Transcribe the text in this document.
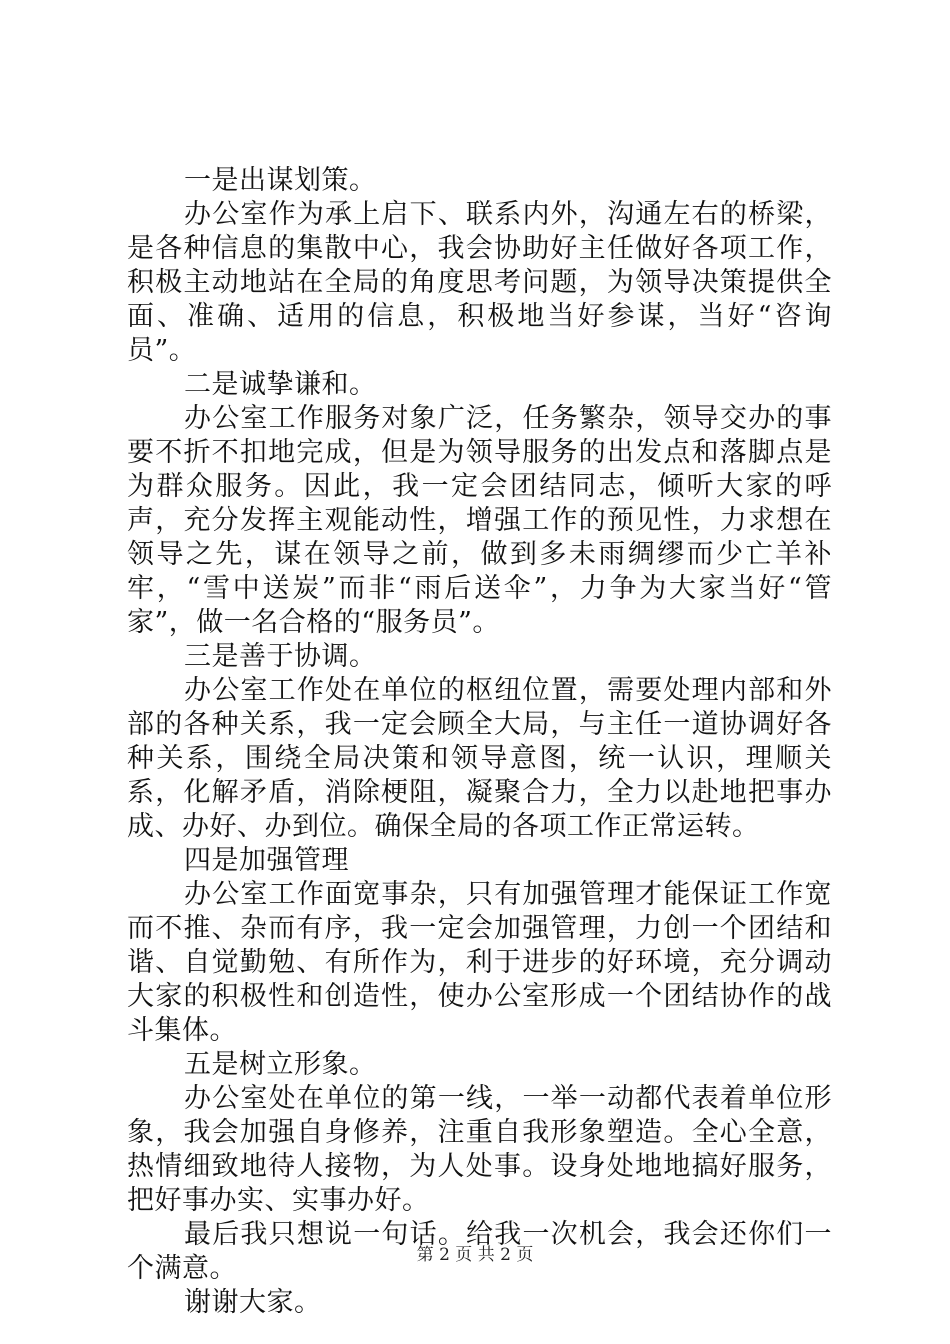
一是出谋划策。

办公室作为承上启下、联系内外，沟通左右的桥梁，是各种信息的集散中心，我会协助好主任做好各项工作，积极主动地站在全局的角度思考问题，为领导决策提供全面、准确、适用的信息，积极地当好参谋，当好“咨询员”。

二是诚挚谦和。

办公室工作服务对象广泛，任务繁杂，领导交办的事要不折不扣地完成，但是为领导服务的出发点和落脚点是为群众服务。因此，我一定会团结同志，倾听大家的呼声，充分发挥主观能动性，增强工作的预见性，力求想在领导之先，谋在领导之前，做到多未雨绸缪而少亡羊补牢，“雪中送炭”而非“雨后送伞”，力争为大家当好“管家”，做一名合格的“服务员”。

三是善于协调。

办公室工作处在单位的枢纽位置，需要处理内部和外部的各种关系，我一定会顾全大局，与主任一道协调好各种关系，围绕全局决策和领导意图，统一认识，理顺关系，化解矛盾，消除梗阻，凝聚合力，全力以赴地把事办成、办好、办到位。确保全局的各项工作正常运转。

四是加强管理

办公室工作面宽事杂，只有加强管理才能保证工作宽而不推、杂而有序，我一定会加强管理，力创一个团结和谐、自觉勤勉、有所作为，利于进步的好环境，充分调动大家的积极性和创造性，使办公室形成一个团结协作的战斗集体。

五是树立形象。

办公室处在单位的第一线，一举一动都代表着单位形象，我会加强自身修养，注重自我形象塑造。全心全意，热情细致地待人接物，为人处事。设身处地地搞好服务，把好事办实、实事办好。

最后我只想说一句话。给我一次机会，我会还你们一个满意。

谢谢大家。

第 2 页 共 2 页
